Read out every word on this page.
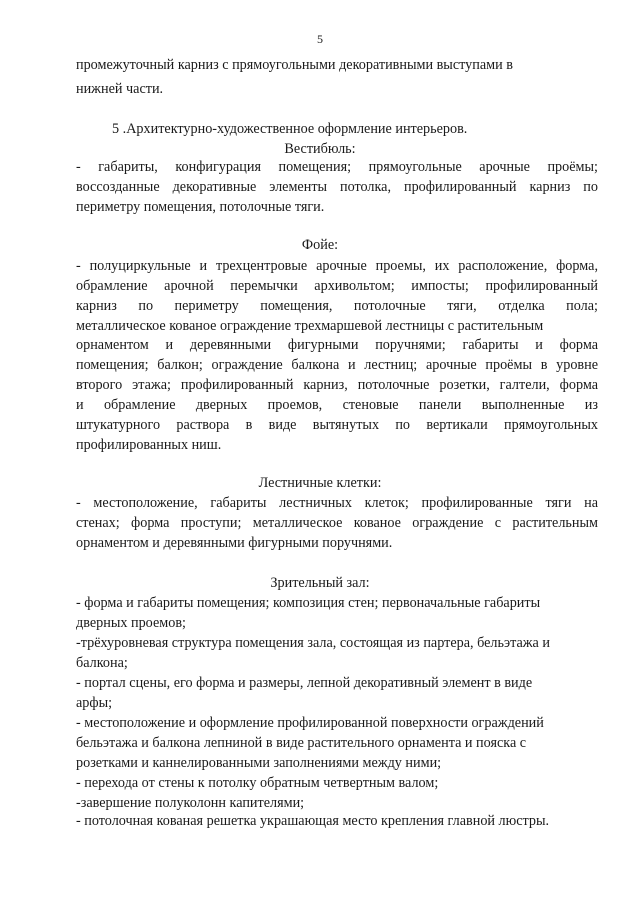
5
промежуточный карниз с прямоугольными декоративными выступами в
нижней части.
5 .Архитектурно-художественное оформление интерьеров.
Вестибюль:
- габариты, конфигурация помещения; прямоугольные арочные проёмы;
воссозданные декоративные элементы потолка, профилированный карниз по
периметру помещения, потолочные тяги.
Фойе:
- полуциркульные и трехцентровые арочные проемы, их расположение, форма,
обрамление арочной перемычки архивольтом; импосты; профилированный
карниз по периметру помещения, потолочные тяги, отделка пола;
металлическое кованое ограждение трехмаршевой лестницы с растительным
орнаментом и деревянными фигурными поручнями; габариты и форма
помещения; балкон; ограждение балкона и лестниц; арочные проёмы в уровне
второго этажа; профилированный карниз, потолочные розетки, галтели, форма
и обрамление дверных проемов, стеновые панели выполненные из
штукатурного раствора в виде вытянутых по вертикали прямоугольных
профилированных ниш.
Лестничные клетки:
- местоположение, габариты лестничных клеток; профилированные тяги на
стенах; форма проступи; металлическое кованое ограждение с растительным
орнаментом и деревянными фигурными поручнями.
Зрительный зал:
- форма и габариты помещения; композиция стен; первоначальные габариты
дверных проемов;
-трёхуровневая структура помещения зала, состоящая из партера, бельэтажа и
балкона;
- портал сцены, его форма и размеры, лепной декоративный элемент в виде
арфы;
- местоположение и оформление профилированной поверхности ограждений
бельэтажа и балкона лепниной в виде растительного орнамента и пояска с
розетками и каннелированными заполнениями между ними;
- перехода от стены к потолку обратным четвертным валом;
-завершение полуколонн капителями;
- потолочная кованая решетка украшающая место крепления главной люстры.
